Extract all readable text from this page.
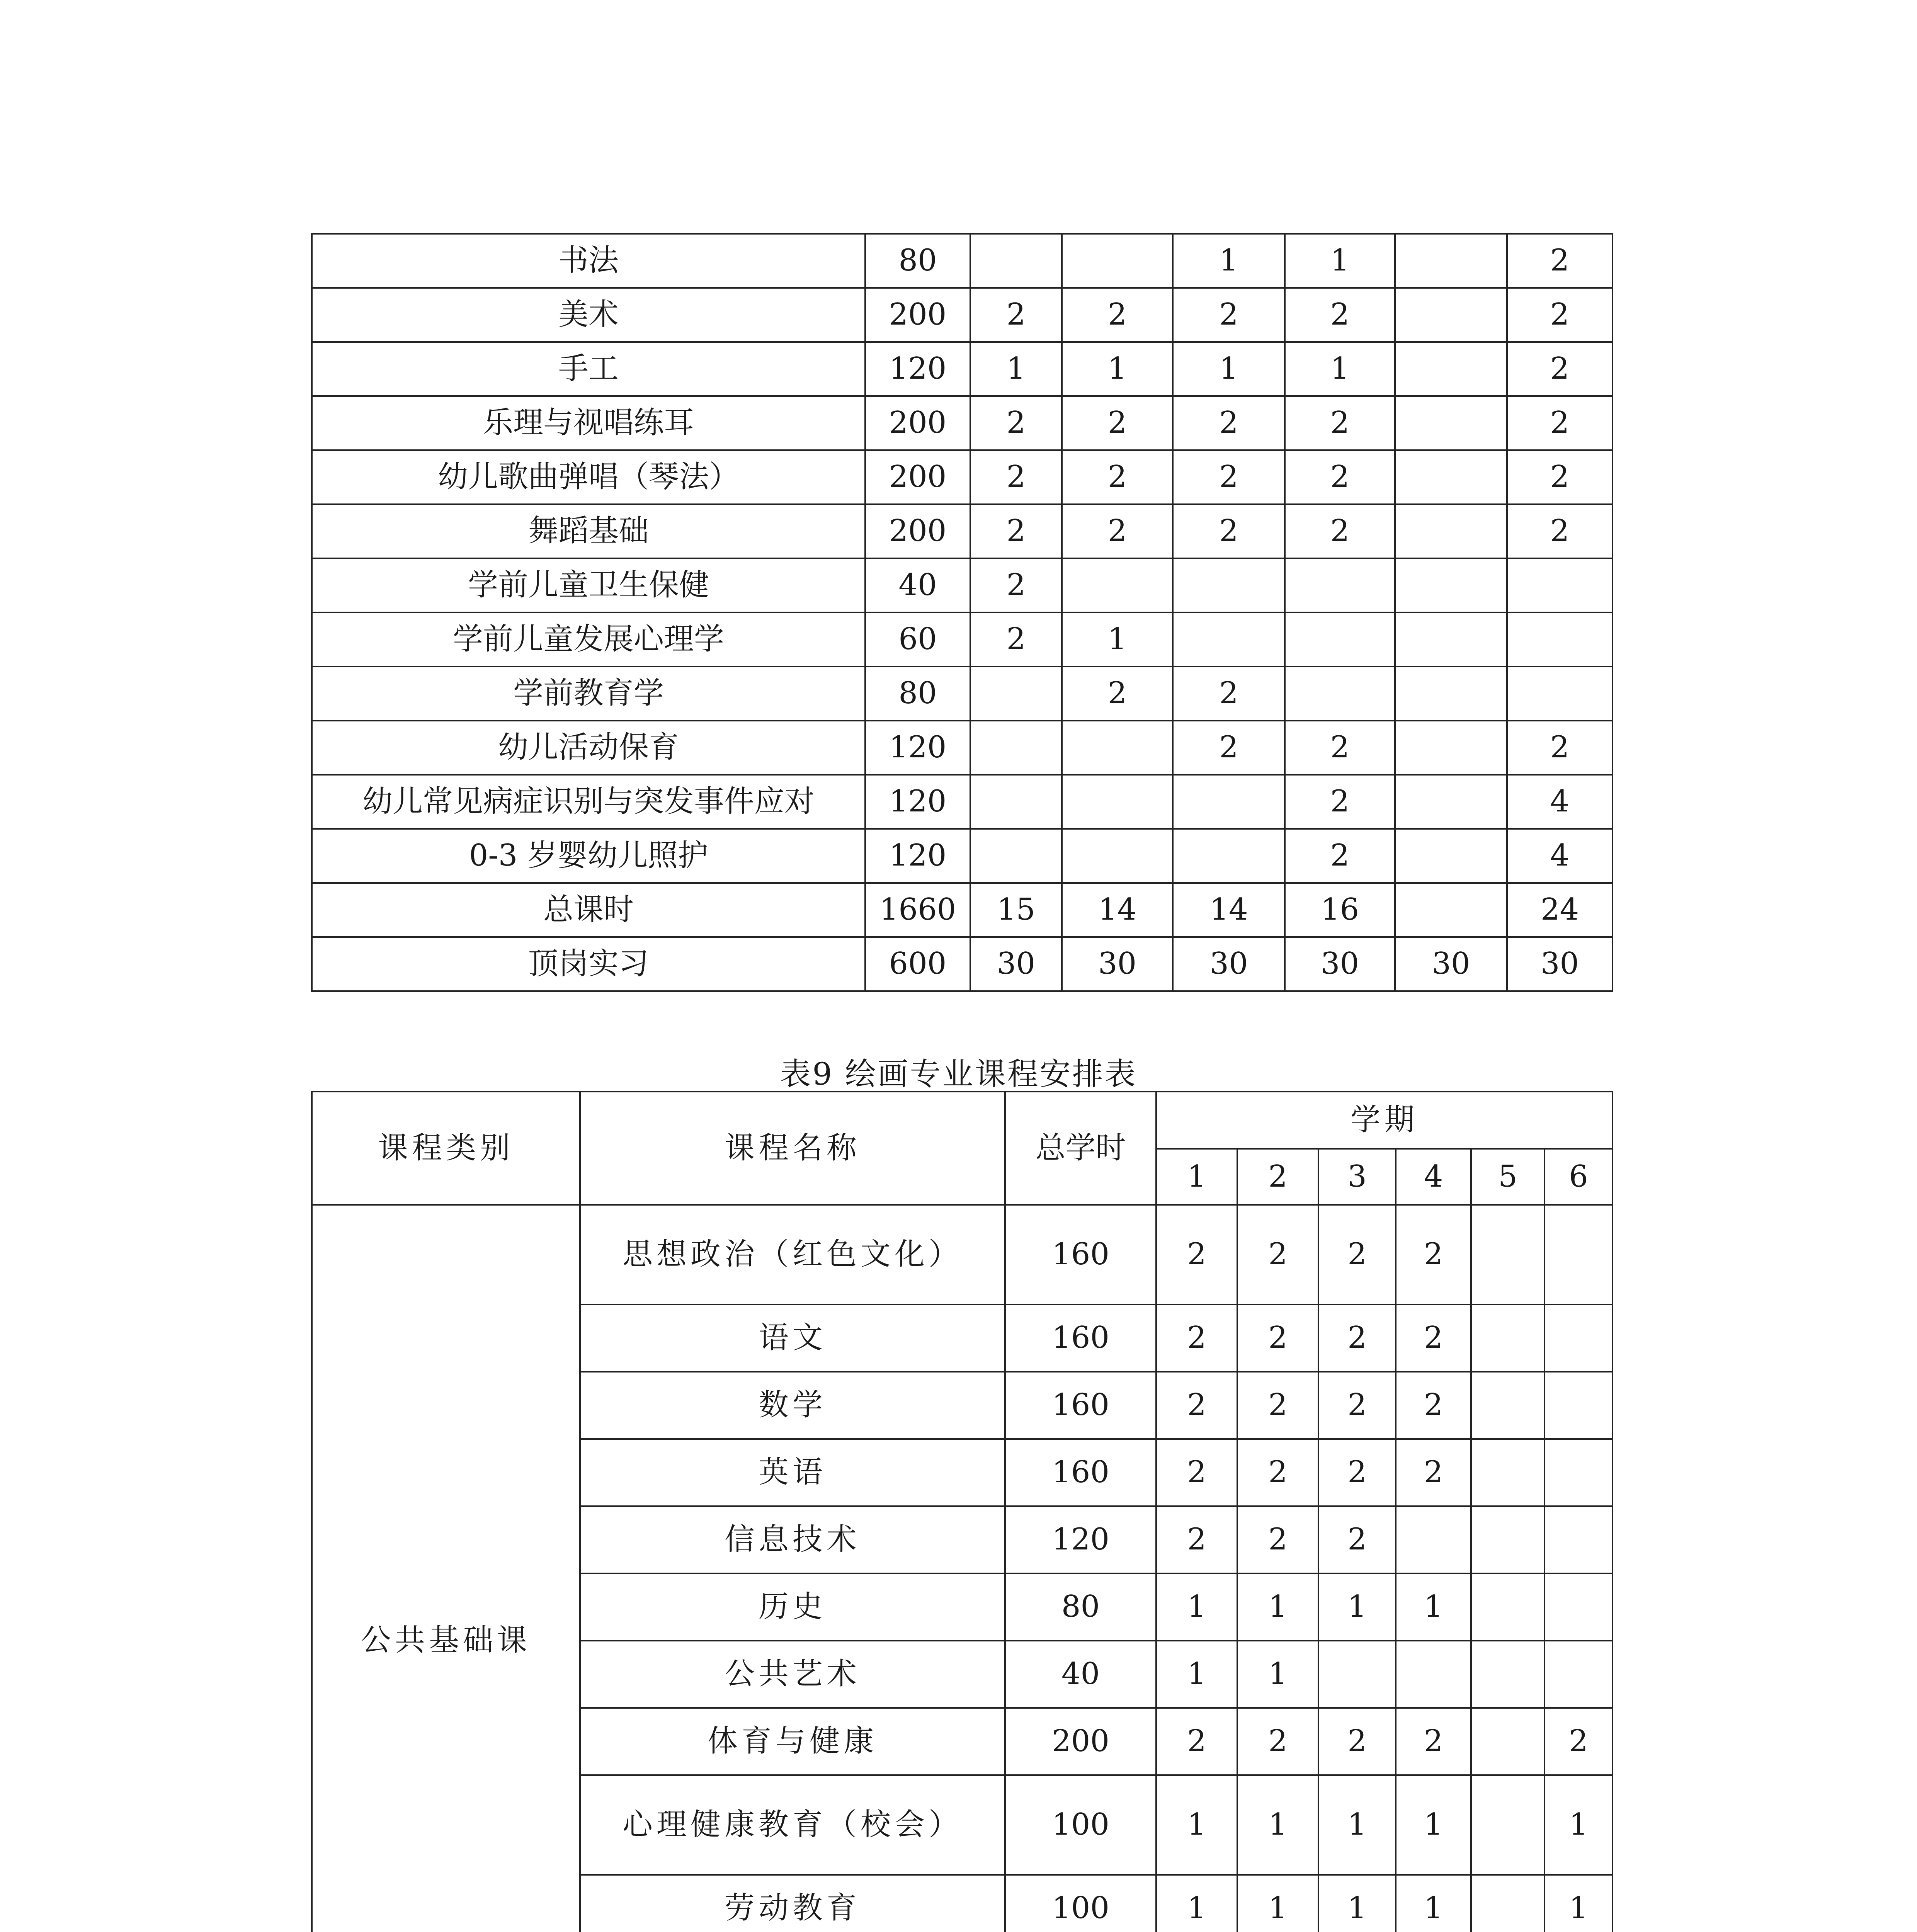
书法	80			1	1		2
美术	200	2	2	2	2		2
手工	120	1	1	1	1		2
乐理与视唱练耳	200	2	2	2	2		2
幼儿歌曲弹唱（琴法）	200	2	2	2	2		2
舞蹈基础	200	2	2	2	2		2
学前儿童卫生保健	40	2					
学前儿童发展心理学	60	2	1				
学前教育学	80		2	2			
幼儿活动保育	120			2	2		2
幼儿常见病症识别与突发事件应对	120				2		4
0-3 岁婴幼儿照护	120				2		4
总课时	1660	15	14	14	16		24
顶岗实习	600	30	30	30	30	30	30
表9 绘画专业课程安排表
课程类别		课程名称	总学时	学期					
				1	2	3	4	5	6
公共基础课		思想政治（红色文化）	160	2	2	2	2		
		语文	160	2	2	2	2		
		数学	160	2	2	2	2		
		英语	160	2	2	2	2		
		信息技术	120	2	2	2			
		历史	80	1	1	1	1		
		公共艺术	40	1	1				
		体育与健康	200	2	2	2	2		2
		心理健康教育（校会）	100	1	1	1	1		1
		劳动教育	100	1	1	1	1		1
